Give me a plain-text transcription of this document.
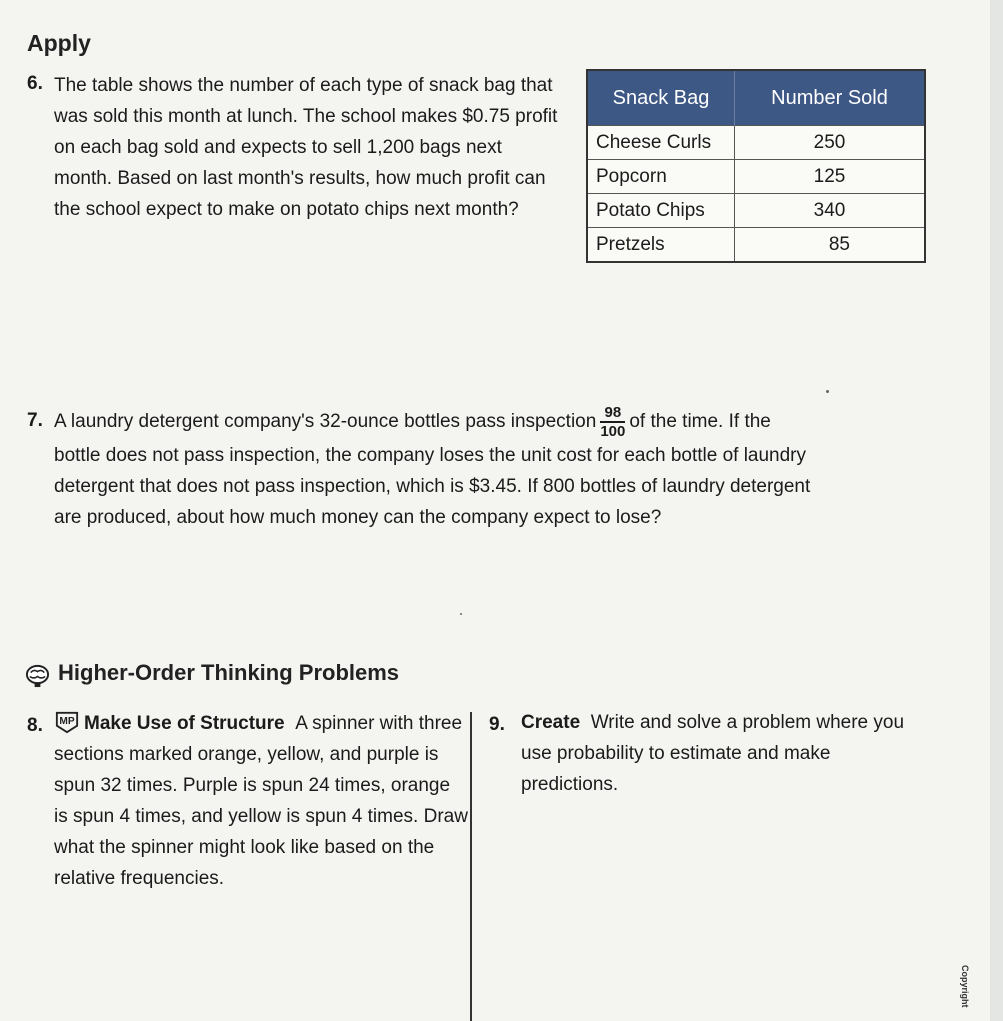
Apply
6. The table shows the number of each type of snack bag that was sold this month at lunch. The school makes $0.75 profit on each bag sold and expects to sell 1,200 bags next month. Based on last month's results, how much profit can the school expect to make on potato chips next month?
Snack Bag	Number Sold
Cheese Curls	250
Popcorn	125
Potato Chips	340
Pretzels	85
7. A laundry detergent company's 32-ounce bottles pass inspection $\frac{98}{100}$ of the time. If the bottle does not pass inspection, the company loses the unit cost for each bottle of laundry detergent that does not pass inspection, which is $3.45. If 800 bottles of laundry detergent are produced, about how much money can the company expect to lose?
Higher-Order Thinking Problems
8. MP Make Use of Structure A spinner with three sections marked orange, yellow, and purple is spun 32 times. Purple is spun 24 times, orange is spun 4 times, and yellow is spun 4 times. Draw what the spinner might look like based on the relative frequencies.
9. Create Write and solve a problem where you use probability to estimate and make predictions.
Copyright
